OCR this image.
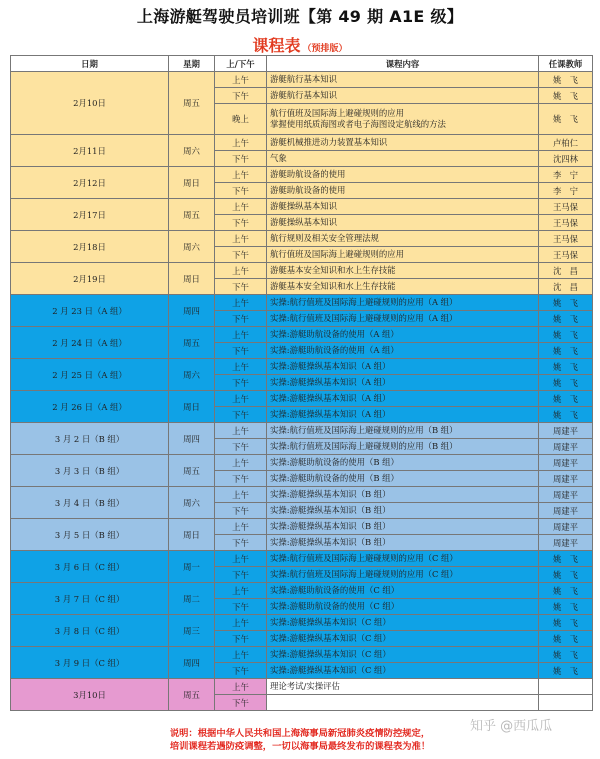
上海游艇驾驶员培训班【第 49 期 A1E 级】
课程表 （预排版）
日期	星期	上/下午	课程内容	任课教师
2月10日	周五	上午	游艇航行基本知识	姚　飞
		下午	游艇航行基本知识	姚　飞
		晚上	航行值班及国际海上避碰规则的应用
掌握使用纸质海图或者电子海图设定航线的方法	姚　飞
2月11日	周六	上午	游艇机械推进动力装置基本知识	卢柏仁
		下午	气象	沈四林
2月12日	周日	上午	游艇助航设备的使用	李　宁
		下午	游艇助航设备的使用	李　宁
2月17日	周五	上午	游艇操纵基本知识	王马保
		下午	游艇操纵基本知识	王马保
2月18日	周六	上午	航行规则及相关安全管理法规	王马保
		下午	航行值班及国际海上避碰规则的应用	王马保
2月19日	周日	上午	游艇基本安全知识和水上生存技能	沈　昌
		下午	游艇基本安全知识和水上生存技能	沈　昌
2 月 23 日（A 组）	周四	上午	实操:航行值班及国际海上避碰规则的应用（A 组）	姚　飞
		下午	实操:航行值班及国际海上避碰规则的应用（A 组）	姚　飞
2 月 24 日（A 组）	周五	上午	实操:游艇助航设备的使用（A 组）	姚　飞
		下午	实操:游艇助航设备的使用（A 组）	姚　飞
2 月 25 日（A 组）	周六	上午	实操:游艇操纵基本知识（A 组）	姚　飞
		下午	实操:游艇操纵基本知识（A 组）	姚　飞
2 月 26 日（A 组）	周日	上午	实操:游艇操纵基本知识（A 组）	姚　飞
		下午	实操:游艇操纵基本知识（A 组）	姚　飞
3 月 2 日（B 组）	周四	上午	实操:航行值班及国际海上避碰规则的应用（B 组）	周建平
		下午	实操:航行值班及国际海上避碰规则的应用（B 组）	周建平
3 月 3 日（B 组）	周五	上午	实操:游艇助航设备的使用（B 组）	周建平
		下午	实操:游艇助航设备的使用（B 组）	周建平
3 月 4 日（B 组）	周六	上午	实操:游艇操纵基本知识（B 组）	周建平
		下午	实操:游艇操纵基本知识（B 组）	周建平
3 月 5 日（B 组）	周日	上午	实操:游艇操纵基本知识（B 组）	周建平
		下午	实操:游艇操纵基本知识（B 组）	周建平
3 月 6 日（C 组）	周一	上午	实操:航行值班及国际海上避碰规则的应用（C 组）	姚　飞
		下午	实操:航行值班及国际海上避碰规则的应用（C 组）	姚　飞
3 月 7 日（C 组）	周二	上午	实操:游艇助航设备的使用（C 组）	姚　飞
		下午	实操:游艇助航设备的使用（C 组）	姚　飞
3 月 8 日（C 组）	周三	上午	实操:游艇操纵基本知识（C 组）	姚　飞
		下午	实操:游艇操纵基本知识（C 组）	姚　飞
3 月 9 日（C 组）	周四	上午	实操:游艇操纵基本知识（C 组）	姚　飞
		下午	实操:游艇操纵基本知识（C 组）	姚　飞
3月10日	周五	上午	理论考试/实操评估	

		下午	

知乎 @西瓜瓜
说明：根据中华人民共和国上海海事局新冠肺炎疫情防控规定，
培训课程若遇防疫调整，一切以海事局最终发布的课程表为准！
